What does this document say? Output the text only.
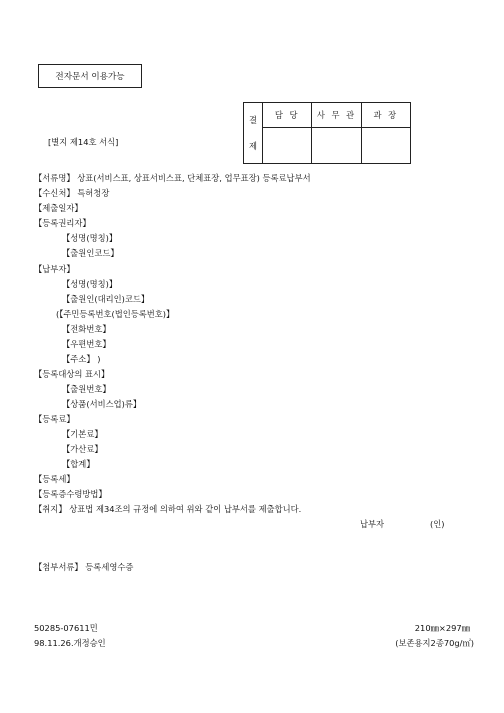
전자문서 이용가능
[별지 제14호 서식]
결
제	담 당	사 무 관	과 장

【서류명】 상표(서비스표, 상표서비스표, 단체표장, 업무표장) 등록료납부서
【수신처】 특허청장
【제출일자】
【등록권리자】
【성명(명칭)】
【출원인코드】
【납부자】
【성명(명칭)】
【출원인(대리인)코드】
(【주민등록번호(법인등록번호)】
【전화번호】
【우편번호】
【주소】 )
【등록대상의 표시】
【출원번호】
【상품(서비스업)류】
【등록료】
【기본료】
【가산료】
【합계】
【등록세】
【등록증수령방법】
【취지】 상표법 제34조의 규정에 의하여 위와 같이 납부서를 제출합니다.
납부자	(인)
【첨부서류】 등록세영수증
50285-07611민
98.11.26.개정승인
210㎜×297㎜
(보존용지2종70g/㎡)
